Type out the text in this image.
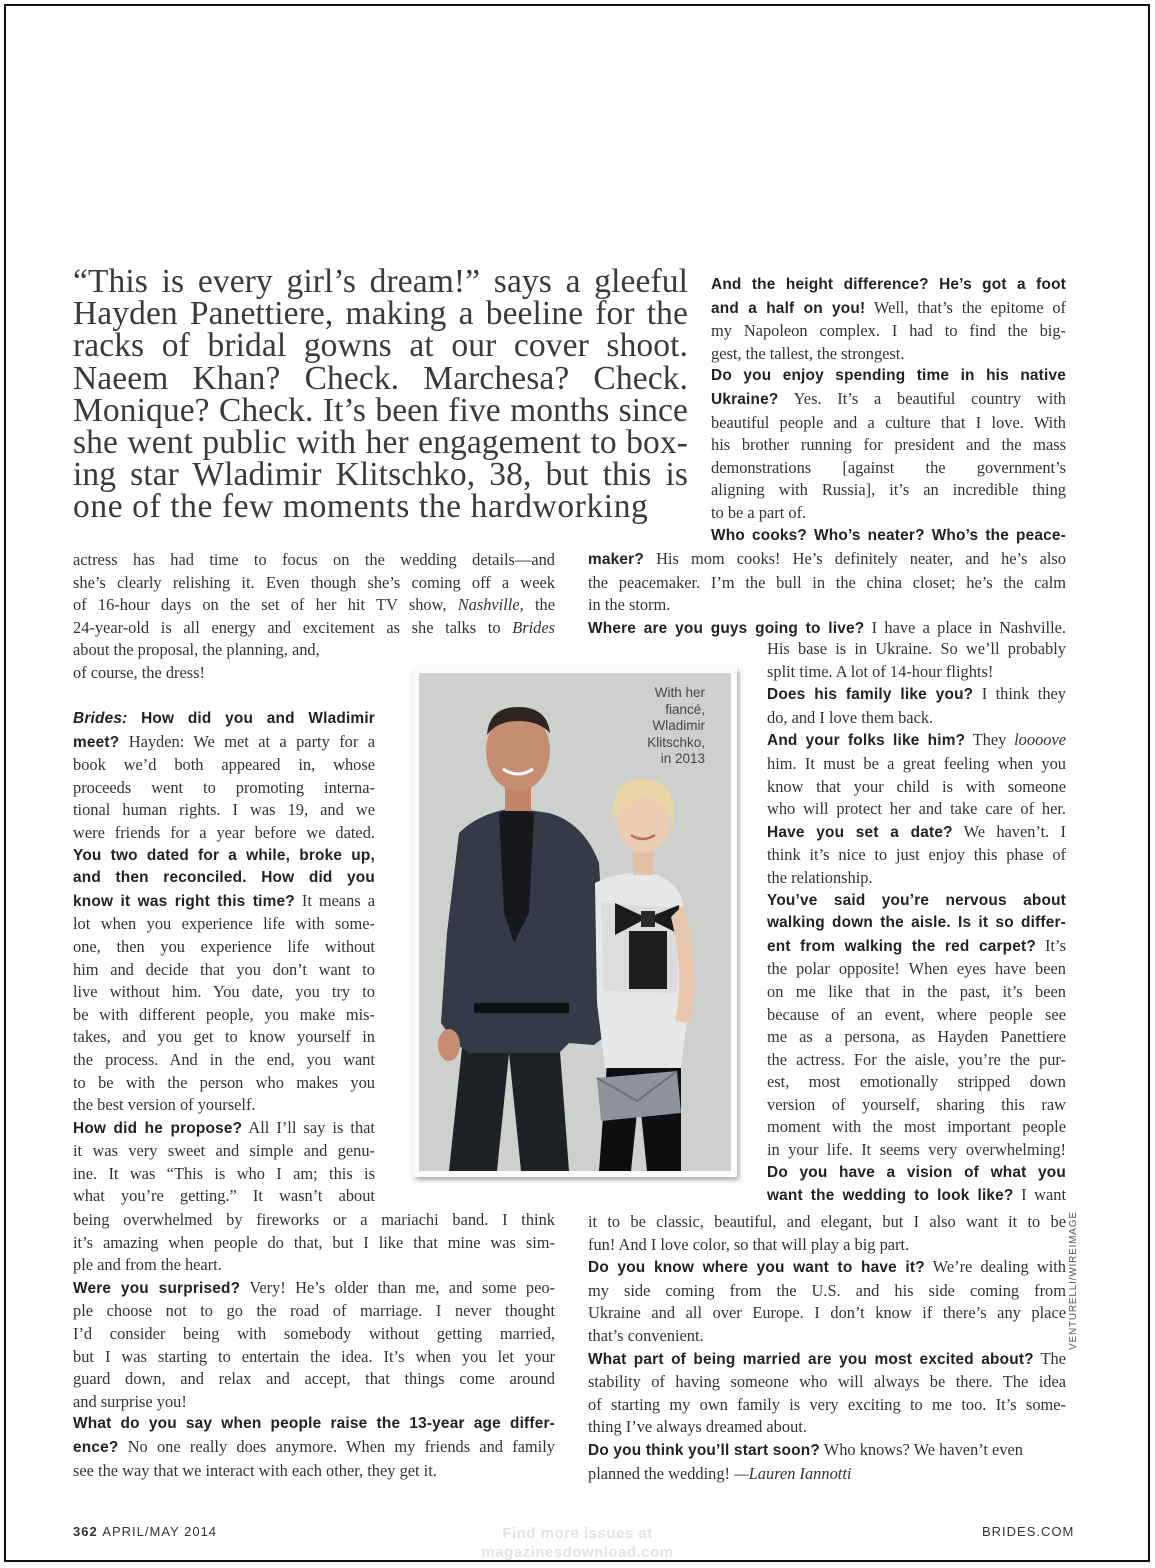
“This is every girl’s dream!” says a gleeful
Hayden Panettiere, making a beeline for the
racks of bridal gowns at our cover shoot.
Naeem Khan? Check. Marchesa? Check.
Monique? Check. It’s been five months since
she went public with her engagement to box-
ing star Wladimir Klitschko, 38, but this is
one of the few moments the hardworking
actress has had time to focus on the wedding details—and
she’s clearly relishing it. Even though she’s coming off a week
of 16-hour days on the set of her hit TV show, Nashville, the
24-year-old is all energy and excitement as she talks to Brides
about the proposal, the planning, and,
of course, the dress!
Brides: How did you and Wladimir
meet? Hayden: We met at a party for a
book we’d both appeared in, whose
proceeds went to promoting interna-
tional human rights. I was 19, and we
were friends for a year before we dated.
You two dated for a while, broke up,
and then reconciled. How did you
know it was right this time? It means a
lot when you experience life with some-
one, then you experience life without
him and decide that you don’t want to
live without him. You date, you try to
be with different people, you make mis-
takes, and you get to know yourself in
the process. And in the end, you want
to be with the person who makes you
the best version of yourself.
How did he propose? All I’ll say is that
it was very sweet and simple and genu-
ine. It was “This is who I am; this is
what you’re getting.” It wasn’t about
being overwhelmed by fireworks or a mariachi band. I think
it’s amazing when people do that, but I like that mine was sim-
ple and from the heart.
Were you surprised? Very! He’s older than me, and some peo-
ple choose not to go the road of marriage. I never thought
I’d consider being with somebody without getting married,
but I was starting to entertain the idea. It’s when you let your
guard down, and relax and accept, that things come around
and surprise you!
What do you say when people raise the 13-year age differ-
ence? No one really does anymore. When my friends and family
see the way that we interact with each other, they get it.
And the height difference? He’s got a foot
and a half on you! Well, that’s the epitome of
my Napoleon complex. I had to find the big-
gest, the tallest, the strongest.
Do you enjoy spending time in his native
Ukraine? Yes. It’s a beautiful country with
beautiful people and a culture that I love. With
his brother running for president and the mass
demonstrations [against the government’s
aligning with Russia], it’s an incredible thing
to be a part of.
Who cooks? Who’s neater? Who’s the peace-
maker? His mom cooks! He’s definitely neater, and he’s also
the peacemaker. I’m the bull in the china closet; he’s the calm
in the storm.
Where are you guys going to live? I have a place in Nashville.
His base is in Ukraine. So we’ll probably
split time. A lot of 14-hour flights!
Does his family like you? I think they
do, and I love them back.
And your folks like him? They loooove
him. It must be a great feeling when you
know that your child is with someone
who will protect her and take care of her.
Have you set a date? We haven’t. I
think it’s nice to just enjoy this phase of
the relationship.
You’ve said you’re nervous about
walking down the aisle. Is it so differ-
ent from walking the red carpet? It’s
the polar opposite! When eyes have been
on me like that in the past, it’s been
because of an event, where people see
me as a persona, as Hayden Panettiere
the actress. For the aisle, you’re the pur-
est, most emotionally stripped down
version of yourself, sharing this raw
moment with the most important people
in your life. It seems very overwhelming!
Do you have a vision of what you
want the wedding to look like? I want
it to be classic, beautiful, and elegant, but I also want it to be
fun! And I love color, so that will play a big part.
Do you know where you want to have it? We’re dealing with
my side coming from the U.S. and his side coming from
Ukraine and all over Europe. I don’t know if there’s any place
that’s convenient.
What part of being married are you most excited about? The
stability of having someone who will always be there. The idea
of starting my own family is very exciting to me too. It’s some-
thing I’ve always dreamed about.
Do you think you’ll start soon? Who knows? We haven’t even
planned the wedding! —Lauren Iannotti
With her
fiancé,
Wladimir
Klitschko,
in 2013
VENTURELLI/WIREIMAGE
362 APRIL/MAY 2014	BRIDES.COM
Find more issues at
magazinesdownload.com
